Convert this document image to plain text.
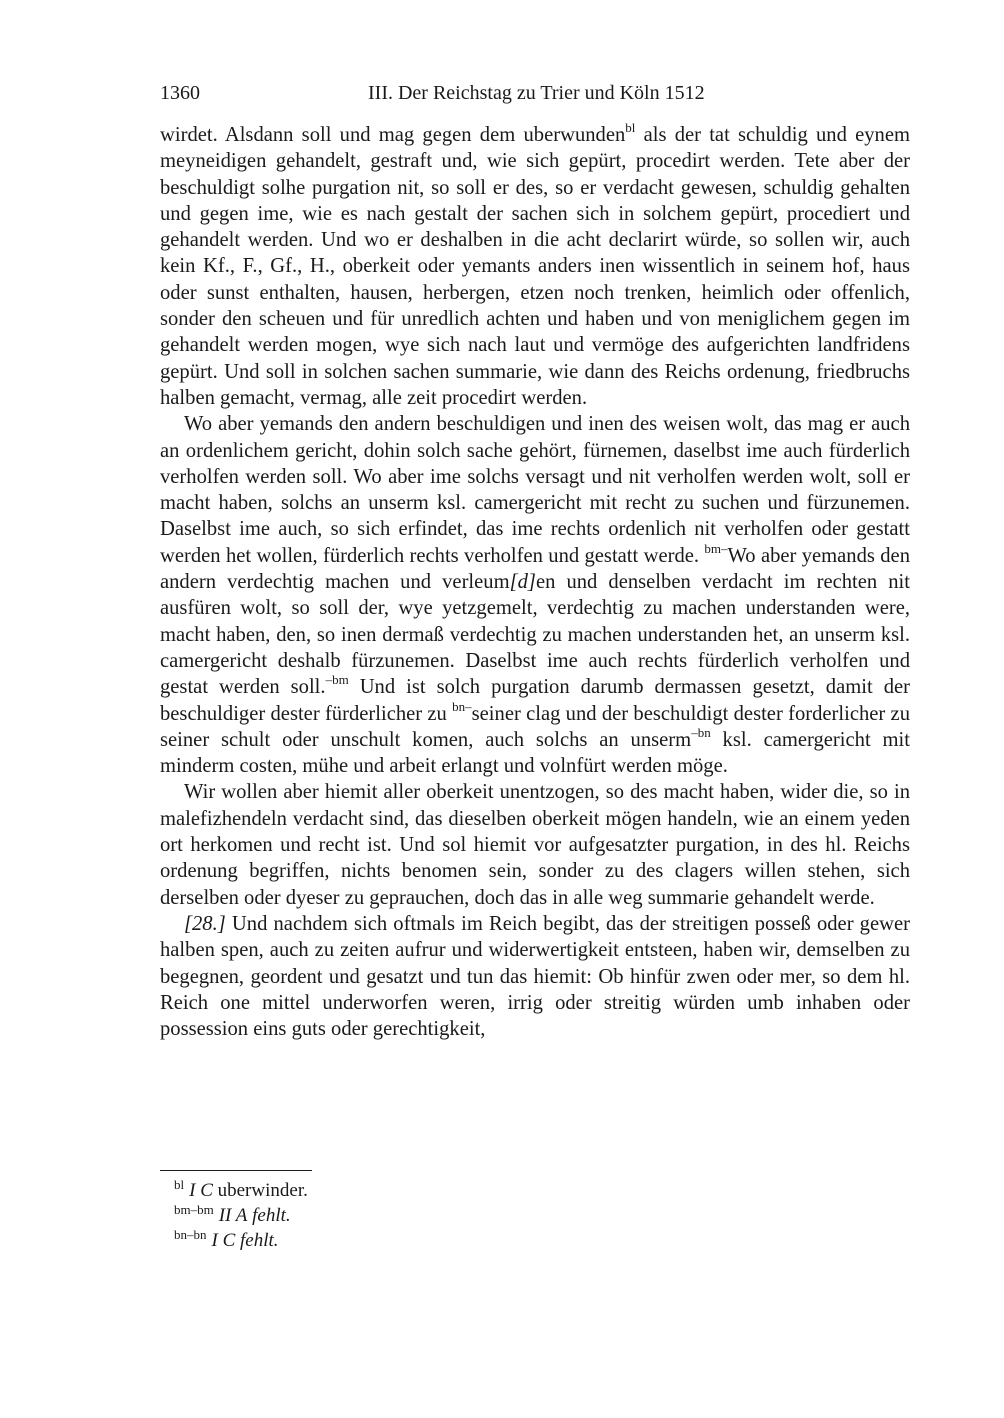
1360	III. Der Reichstag zu Trier und Köln 1512

wirdet. Alsdann soll und mag gegen dem uberwunden$^{bl}$ als der tat schuldig und eynem meyneidigen gehandelt, gestraft und, wie sich gepürt, procedirt werden. Tete aber der beschuldigt solhe purgation nit, so soll er des, so er verdacht gewesen, schuldig gehalten und gegen ime, wie es nach gestalt der sachen sich in solchem gepürt, procediert und gehandelt werden. Und wo er deshalben in die acht declarirt würde, so sollen wir, auch kein Kf., F., Gf., H., oberkeit oder yemants anders inen wissentlich in seinem hof, haus oder sunst enthalten, hausen, herbergen, etzen noch trenken, heimlich oder offenlich, sonder den scheuen und für unredlich achten und haben und von meniglichem gegen im gehandelt werden mogen, wye sich nach laut und vermöge des aufgerichten landfridens gepürt. Und soll in solchen sachen summarie, wie dann des Reichs ordenung, friedbruchs halben gemacht, vermag, alle zeit procedirt werden.

Wo aber yemands den andern beschuldigen und inen des weisen wolt, das mag er auch an ordenlichem gericht, dohin solch sache gehört, fürnemen, daselbst ime auch fürderlich verholfen werden soll. Wo aber ime solchs versagt und nit verholfen werden wolt, soll er macht haben, solchs an unserm ksl. camergericht mit recht zu suchen und fürzunemen. Daselbst ime auch, so sich erfindet, das ime rechts ordenlich nit verholfen oder gestatt werden het wollen, fürderlich rechts verholfen und gestatt werde. $^{bm-}$Wo aber yemands den andern verdechtig machen und verleum[d]en und denselben verdacht im rechten nit ausfüren wolt, so soll der, wye yetzgemelt, verdechtig zu machen understanden were, macht haben, den, so inen dermaß verdechtig zu machen understanden het, an unserm ksl. camergericht deshalb fürzunemen. Daselbst ime auch rechts fürderlich verholfen und gestat werden soll.$^{-bm}$ Und ist solch purgation darumb dermassen gesetzt, damit der beschuldiger dester fürderlicher zu $^{bn-}$seiner clag und der beschuldigt dester forderlicher zu seiner schult oder unschult komen, auch solchs an unserm$^{-bn}$ ksl. camergericht mit minderm costen, mühe und arbeit erlangt und volnfürt werden möge.

Wir wollen aber hiemit aller oberkeit unentzogen, so des macht haben, wider die, so in malefizhendeln verdacht sind, das dieselben oberkeit mögen handeln, wie an einem yeden ort herkomen und recht ist. Und sol hiemit vor aufgesatzter purgation, in des hl. Reichs ordenung begriffen, nichts benomen sein, sonder zu des clagers willen stehen, sich derselben oder dyeser zu geprauchen, doch das in alle weg summarie gehandelt werde.

[28.] Und nachdem sich oftmals im Reich begibt, das der streitigen posseß oder gewer halben spen, auch zu zeiten aufrur und widerwertigkeit entsteen, haben wir, demselben zu begegnen, geordent und gesatzt und tun das hiemit: Ob hinfür zwen oder mer, so dem hl. Reich one mittel underworfen weren, irrig oder streitig würden umb inhaben oder possession eins guts oder gerechtigkeit,

$^{bl}$ I C uberwinder.
$^{bm-bm}$ II A fehlt.
$^{bn-bn}$ I C fehlt.
